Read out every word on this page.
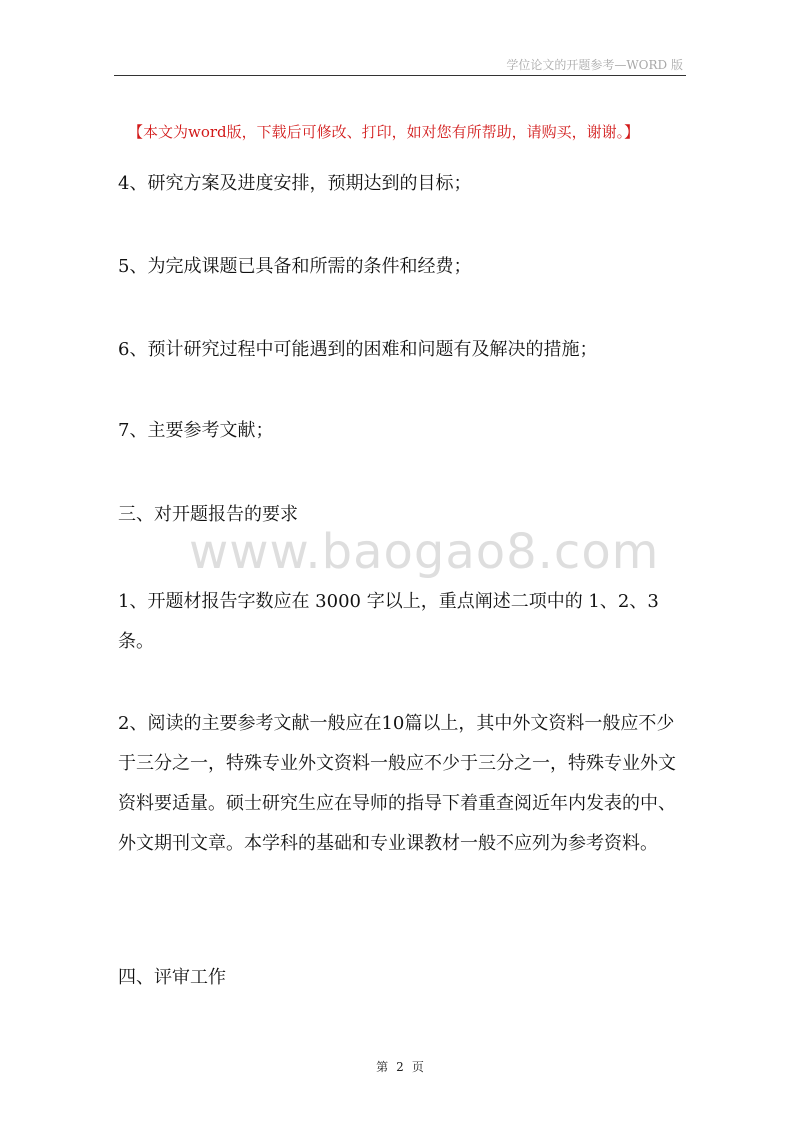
学位论文的开题参考—WORD 版
【本文为word版，下载后可修改、打印，如对您有所帮助，请购买，谢谢。】
4、研究方案及进度安排，预期达到的目标；
5、为完成课题已具备和所需的条件和经费；
6、预计研究过程中可能遇到的困难和问题有及解决的措施；
7、主要参考文献；
三、对开题报告的要求
www.baogao8.com
1、开题材报告字数应在 3000 字以上，重点阐述二项中的 1、2、3条。
2、阅读的主要参考文献一般应在10篇以上，其中外文资料一般应不少于三分之一，特殊专业外文资料一般应不少于三分之一，特殊专业外文资料要适量。硕士研究生应在导师的指导下着重查阅近年内发表的中、外文期刊文章。本学科的基础和专业课教材一般不应列为参考资料。
四、评审工作
第 2 页
